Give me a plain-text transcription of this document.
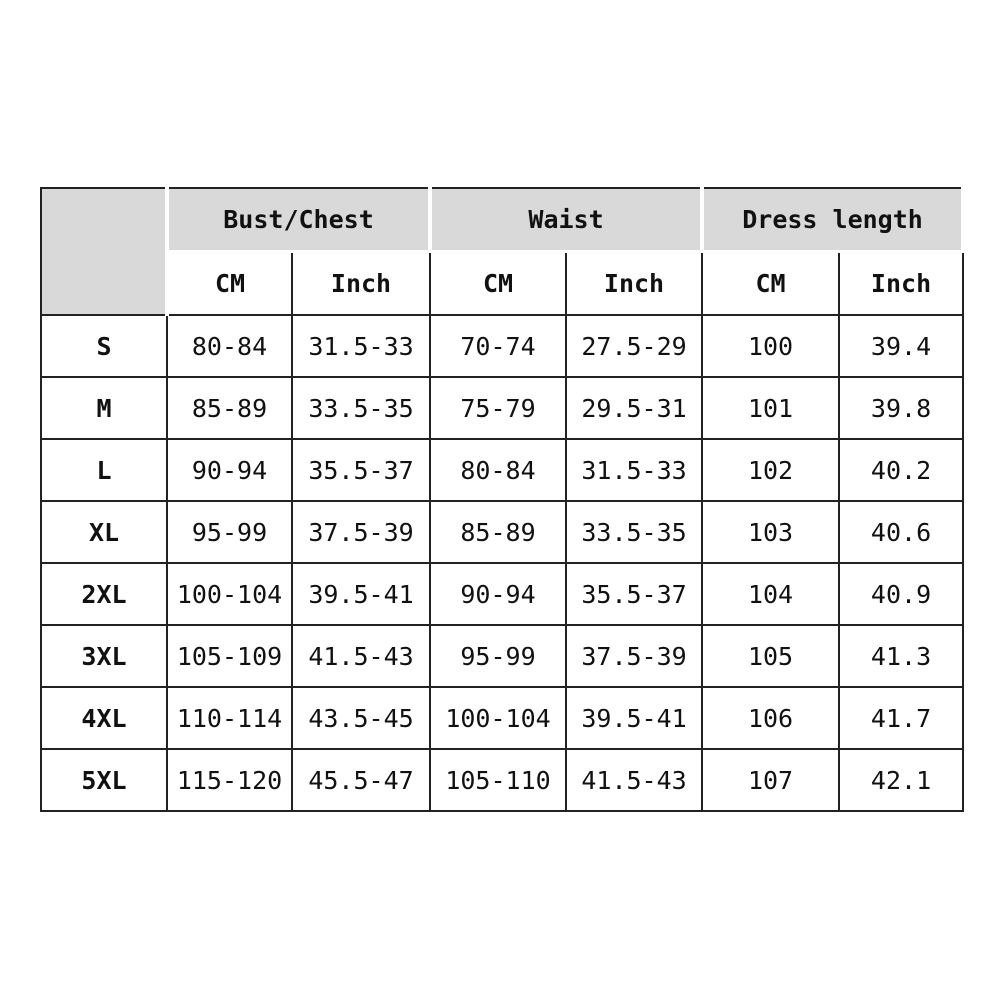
	Bust/Chest		Waist		Dress length	
	CM	Inch	CM	Inch	CM	Inch
S	80-84	31.5-33	70-74	27.5-29	100	39.4
M	85-89	33.5-35	75-79	29.5-31	101	39.8
L	90-94	35.5-37	80-84	31.5-33	102	40.2
XL	95-99	37.5-39	85-89	33.5-35	103	40.6
2XL	100-104	39.5-41	90-94	35.5-37	104	40.9
3XL	105-109	41.5-43	95-99	37.5-39	105	41.3
4XL	110-114	43.5-45	100-104	39.5-41	106	41.7
5XL	115-120	45.5-47	105-110	41.5-43	107	42.1
